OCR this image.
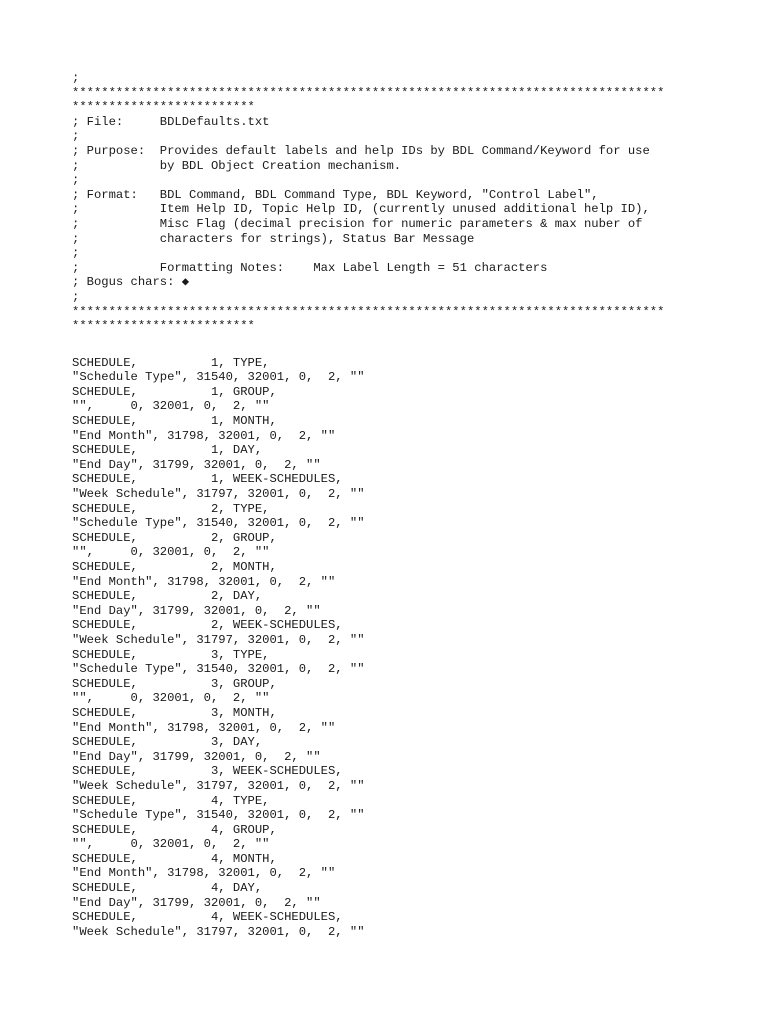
;
*********************************************************************************
*************************
; File:     BDLDefaults.txt
;
; Purpose:  Provides default labels and help IDs by BDL Command/Keyword for use
;           by BDL Object Creation mechanism.
;
; Format:   BDL Command, BDL Command Type, BDL Keyword, "Control Label",
;           Item Help ID, Topic Help ID, (currently unused additional help ID),
;           Misc Flag (decimal precision for numeric parameters & max nuber of
;           characters for strings), Status Bar Message
;
;           Formatting Notes:    Max Label Length = 51 characters
; Bogus chars: ◆
;
*********************************************************************************
*************************
SCHEDULE,          1, TYPE,
"Schedule Type", 31540, 32001, 0,  2, ""
SCHEDULE,          1, GROUP,
"",     0, 32001, 0,  2, ""
SCHEDULE,          1, MONTH,
"End Month", 31798, 32001, 0,  2, ""
SCHEDULE,          1, DAY,
"End Day", 31799, 32001, 0,  2, ""
SCHEDULE,          1, WEEK-SCHEDULES,
"Week Schedule", 31797, 32001, 0,  2, ""
SCHEDULE,          2, TYPE,
"Schedule Type", 31540, 32001, 0,  2, ""
SCHEDULE,          2, GROUP,
"",     0, 32001, 0,  2, ""
SCHEDULE,          2, MONTH,
"End Month", 31798, 32001, 0,  2, ""
SCHEDULE,          2, DAY,
"End Day", 31799, 32001, 0,  2, ""
SCHEDULE,          2, WEEK-SCHEDULES,
"Week Schedule", 31797, 32001, 0,  2, ""
SCHEDULE,          3, TYPE,
"Schedule Type", 31540, 32001, 0,  2, ""
SCHEDULE,          3, GROUP,
"",     0, 32001, 0,  2, ""
SCHEDULE,          3, MONTH,
"End Month", 31798, 32001, 0,  2, ""
SCHEDULE,          3, DAY,
"End Day", 31799, 32001, 0,  2, ""
SCHEDULE,          3, WEEK-SCHEDULES,
"Week Schedule", 31797, 32001, 0,  2, ""
SCHEDULE,          4, TYPE,
"Schedule Type", 31540, 32001, 0,  2, ""
SCHEDULE,          4, GROUP,
"",     0, 32001, 0,  2, ""
SCHEDULE,          4, MONTH,
"End Month", 31798, 32001, 0,  2, ""
SCHEDULE,          4, DAY,
"End Day", 31799, 32001, 0,  2, ""
SCHEDULE,          4, WEEK-SCHEDULES,
"Week Schedule", 31797, 32001, 0,  2, ""
